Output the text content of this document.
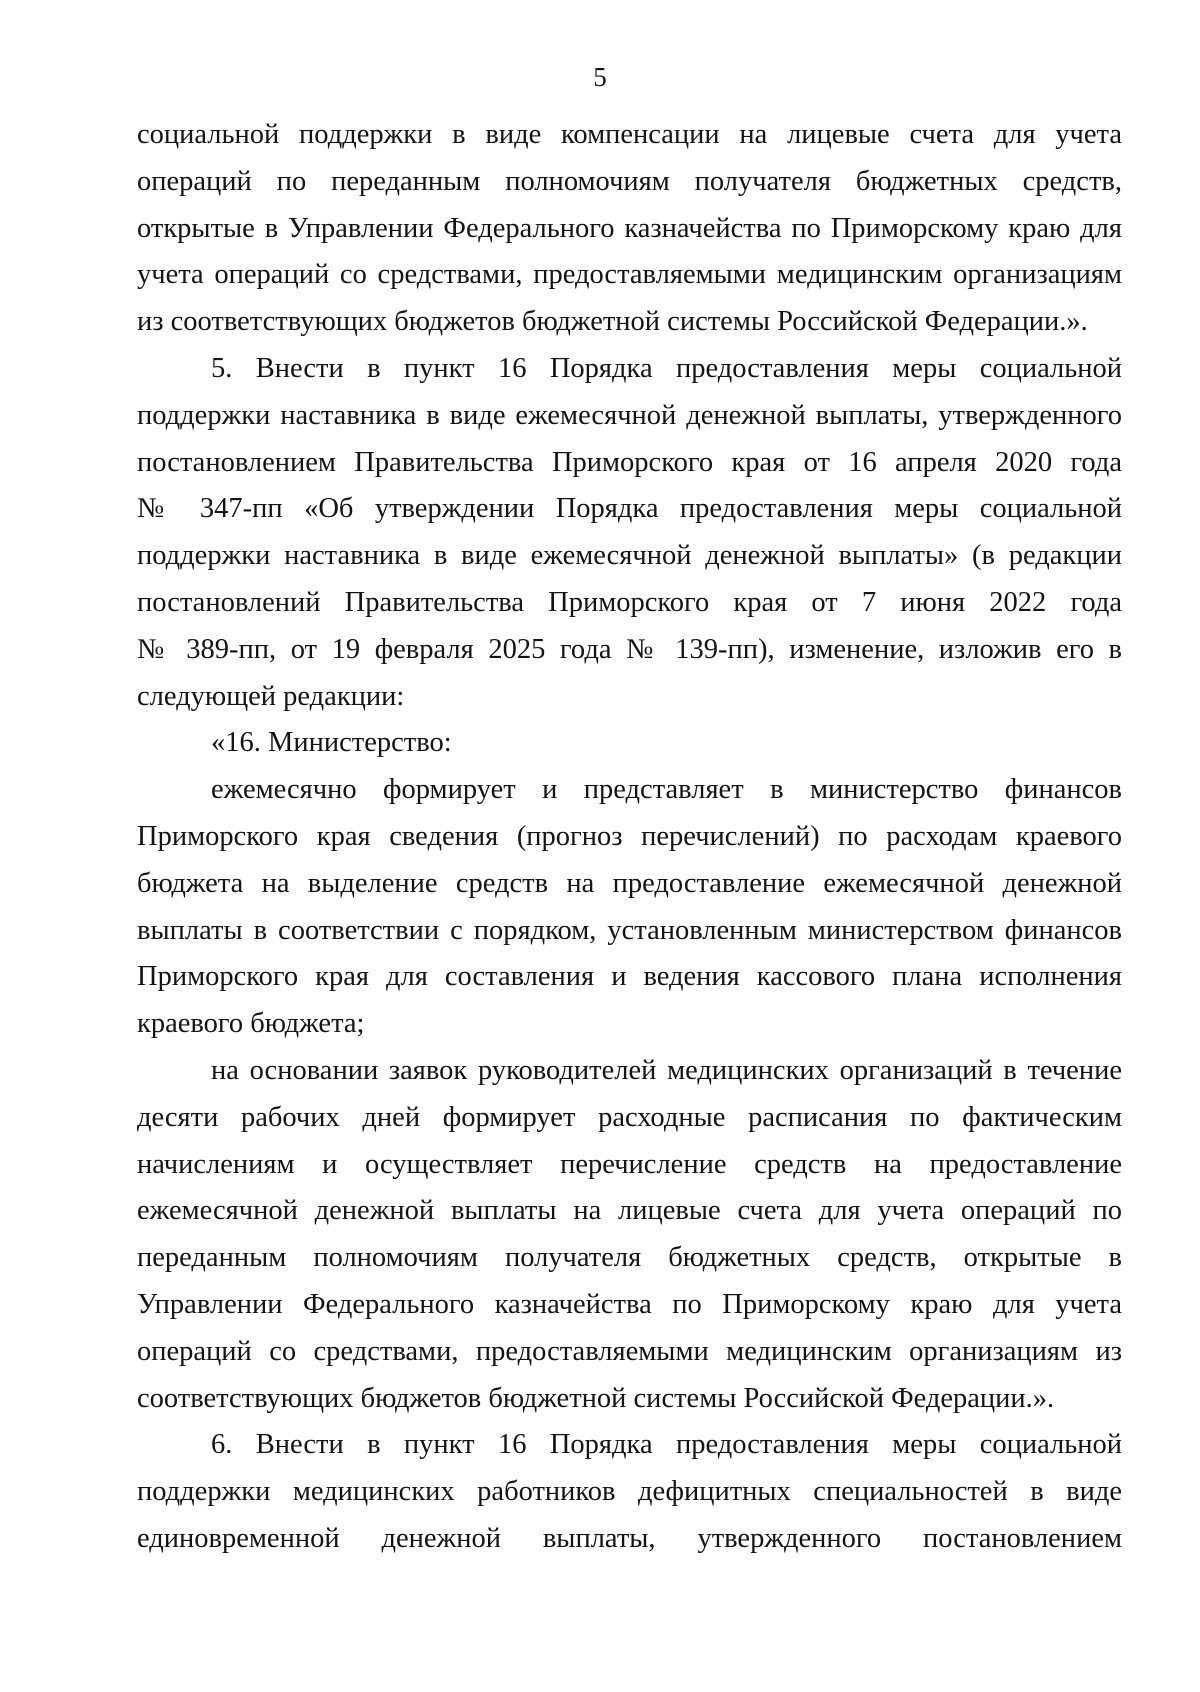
5
социальной поддержки в виде компенсации на лицевые счета для учета
операций по переданным полномочиям получателя бюджетных средств,
открытые в Управлении Федерального казначейства по Приморскому краю для
учета операций со средствами, предоставляемыми медицинским организациям
из соответствующих бюджетов бюджетной системы Российской Федерации.».
5. Внести в пункт 16 Порядка предоставления меры социальной
поддержки наставника в виде ежемесячной денежной выплаты, утвержденного
постановлением Правительства Приморского края от 16 апреля 2020 года
№ 347-пп «Об утверждении Порядка предоставления меры социальной
поддержки наставника в виде ежемесячной денежной выплаты» (в редакции
постановлений Правительства Приморского края от 7 июня 2022 года
№ 389-пп, от 19 февраля 2025 года № 139-пп), изменение, изложив его в
следующей редакции:
«16. Министерство:
ежемесячно формирует и представляет в министерство финансов
Приморского края сведения (прогноз перечислений) по расходам краевого
бюджета на выделение средств на предоставление ежемесячной денежной
выплаты в соответствии с порядком, установленным министерством финансов
Приморского края для составления и ведения кассового плана исполнения
краевого бюджета;
на основании заявок руководителей медицинских организаций в течение
десяти рабочих дней формирует расходные расписания по фактическим
начислениям и осуществляет перечисление средств на предоставление
ежемесячной денежной выплаты на лицевые счета для учета операций по
переданным полномочиям получателя бюджетных средств, открытые в
Управлении Федерального казначейства по Приморскому краю для учета
операций со средствами, предоставляемыми медицинским организациям из
соответствующих бюджетов бюджетной системы Российской Федерации.».
6. Внести в пункт 16 Порядка предоставления меры социальной
поддержки медицинских работников дефицитных специальностей в виде
единовременной денежной выплаты, утвержденного постановлением
